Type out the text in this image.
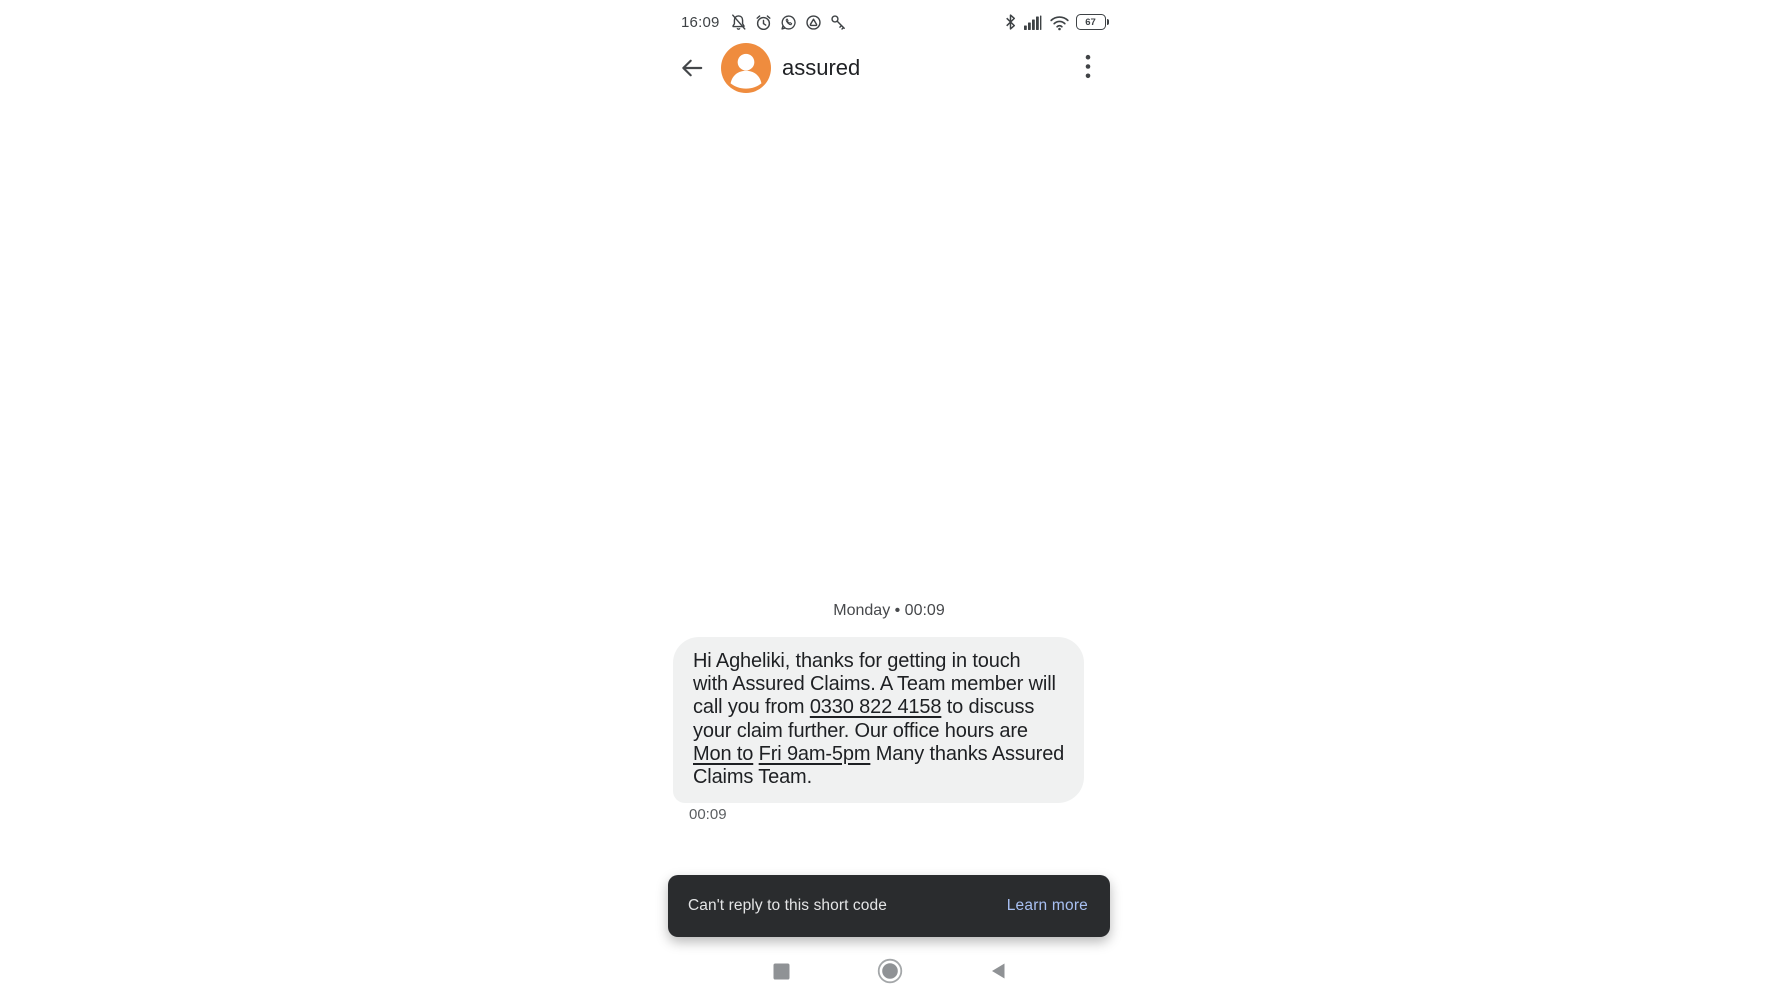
16:09	67
assured
Monday • 00:09
Hi Agheliki, thanks for getting in touch
with Assured Claims. A Team member will
call you from 0330 822 4158 to discuss
your claim further. Our office hours are
Mon to Fri 9am-5pm Many thanks Assured
Claims Team.
00:09
Can't reply to this short code	Learn more
